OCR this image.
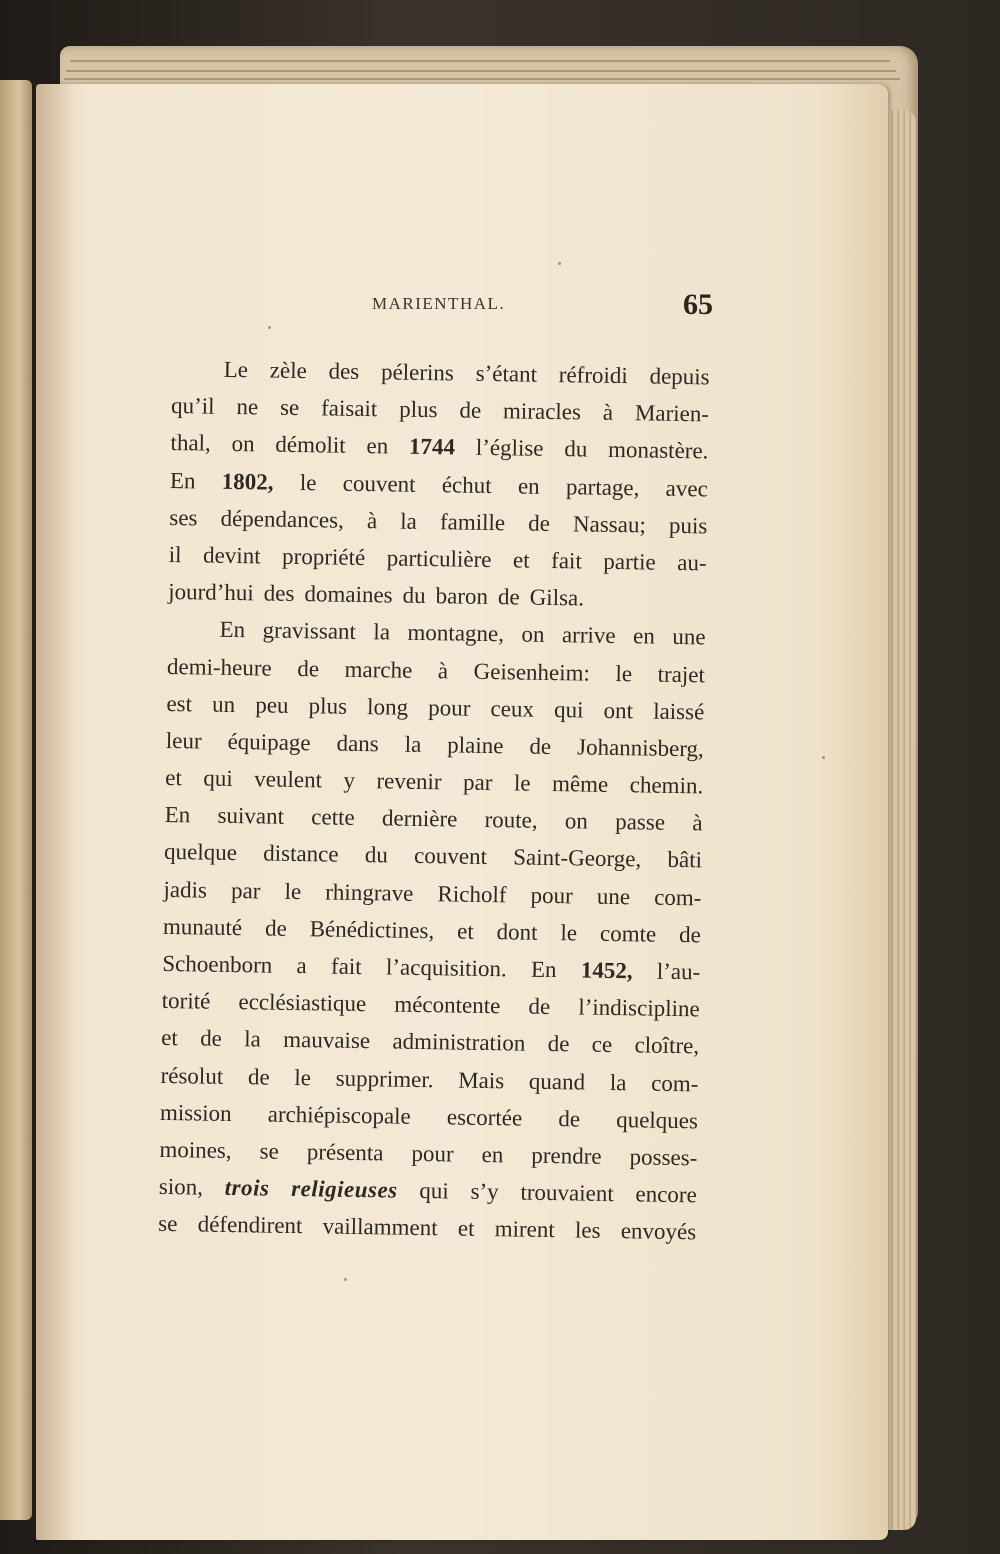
MARIENTHAL.	65
Le zèle des pélerins s’étant réfroidi depuis
qu’il ne se faisait plus de miracles à Marien-
thal, on démolit en 1744 l’église du monastère.
En 1802, le couvent échut en partage, avec
ses dépendances, à la famille de Nassau; puis
il devint propriété particulière et fait partie au-
jourd’hui des domaines du baron de Gilsa.
En gravissant la montagne, on arrive en une
demi-heure de marche à Geisenheim: le trajet
est un peu plus long pour ceux qui ont laissé
leur équipage dans la plaine de Johannisberg,
et qui veulent y revenir par le même chemin.
En suivant cette dernière route, on passe à
quelque distance du couvent Saint-George, bâti
jadis par le rhingrave Richolf pour une com-
munauté de Bénédictines, et dont le comte de
Schoenborn a fait l’acquisition. En 1452, l’au-
torité ecclésiastique mécontente de l’indiscipline
et de la mauvaise administration de ce cloître,
résolut de le supprimer. Mais quand la com-
mission archiépiscopale escortée de quelques
moines, se présenta pour en prendre posses-
sion, trois religieuses qui s’y trouvaient encore
se défendirent vaillamment et mirent les envoyés
